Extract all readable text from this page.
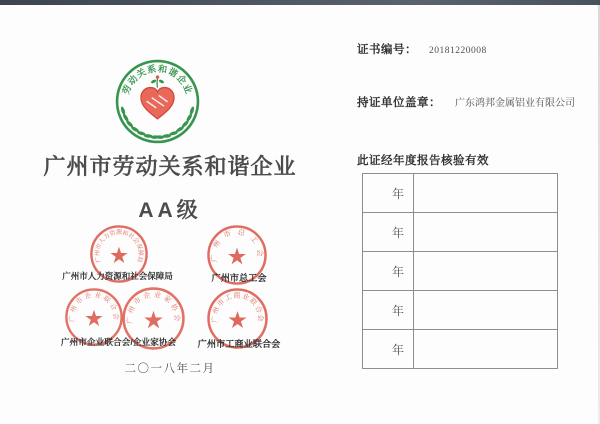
劳动关系和谐企业
广州市劳动关系和谐企业
AA级
广州市人力资源和社会保障局	广州市总工会
广州市企业联合会 广州市企业家协会	广州市工商业联合会
广州市人力资源和社会保障局	广州市总工会
广州市企业联合会/企业家协会	广州市工商业联合会
二〇一八年二月
证书编号： 20181220008
持证单位盖章： 广东鸿邦金属铝业有限公司
此证经年度报告核验有效
年
年
年
年
年
